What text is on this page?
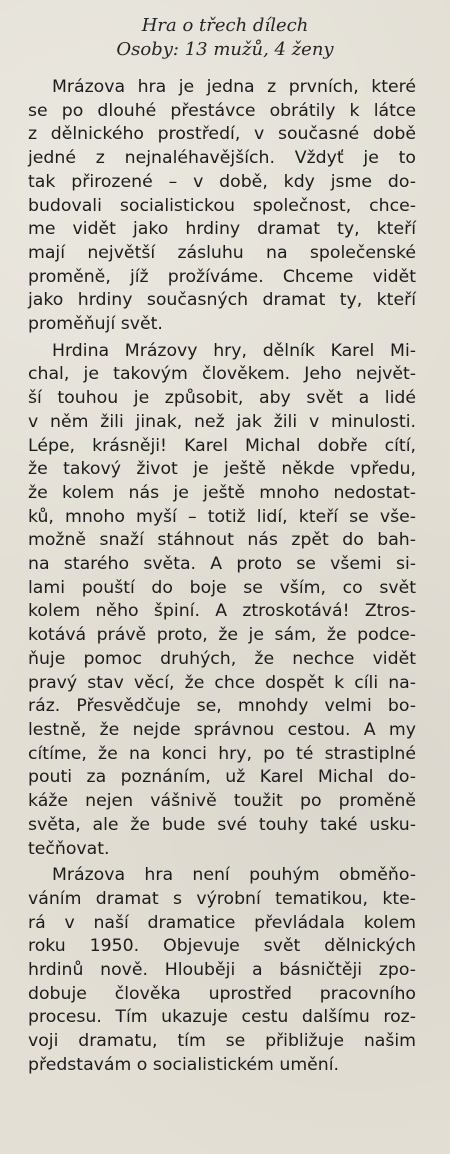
Hra o třech dílech
Osoby: 13 mužů, 4 ženy
Mrázova hra je jedna z prvních, které
se po dlouhé přestávce obrátily k látce
z dělnického prostředí, v současné době
jedné z nejnaléhavějších. Vždyť je to
tak přirozené – v době, kdy jsme do-
budovali socialistickou společnost, chce-
me vidět jako hrdiny dramat ty, kteří
mají největší zásluhu na společenské
proměně, jíž prožíváme. Chceme vidět
jako hrdiny současných dramat ty, kteří
proměňují svět.
Hrdina Mrázovy hry, dělník Karel Mi-
chal, je takovým člověkem. Jeho největ-
ší touhou je způsobit, aby svět a lidé
v něm žili jinak, než jak žili v minulosti.
Lépe, krásněji! Karel Michal dobře cítí,
že takový život je ještě někde vpředu,
že kolem nás je ještě mnoho nedostat-
ků, mnoho myší – totiž lidí, kteří se vše-
možně snaží stáhnout nás zpět do bah-
na starého světa. A proto se všemi si-
lami pouští do boje se vším, co svět
kolem něho špiní. A ztroskotává! Ztros-
kotává právě proto, že je sám, že podce-
ňuje pomoc druhých, že nechce vidět
pravý stav věcí, že chce dospět k cíli na-
ráz. Přesvědčuje se, mnohdy velmi bo-
lestně, že nejde správnou cestou. A my
cítíme, že na konci hry, po té strastiplné
pouti za poznáním, už Karel Michal do-
káže nejen vášnivě toužit po proměně
světa, ale že bude své touhy také usku-
tečňovat.
Mrázova hra není pouhým obměňo-
váním dramat s výrobní tematikou, kte-
rá v naší dramatice převládala kolem
roku 1950. Objevuje svět dělnických
hrdinů nově. Hlouběji a básničtěji zpo-
dobuje člověka uprostřed pracovního
procesu. Tím ukazuje cestu dalšímu roz-
voji dramatu, tím se přibližuje našim
představám o socialistickém umění.
